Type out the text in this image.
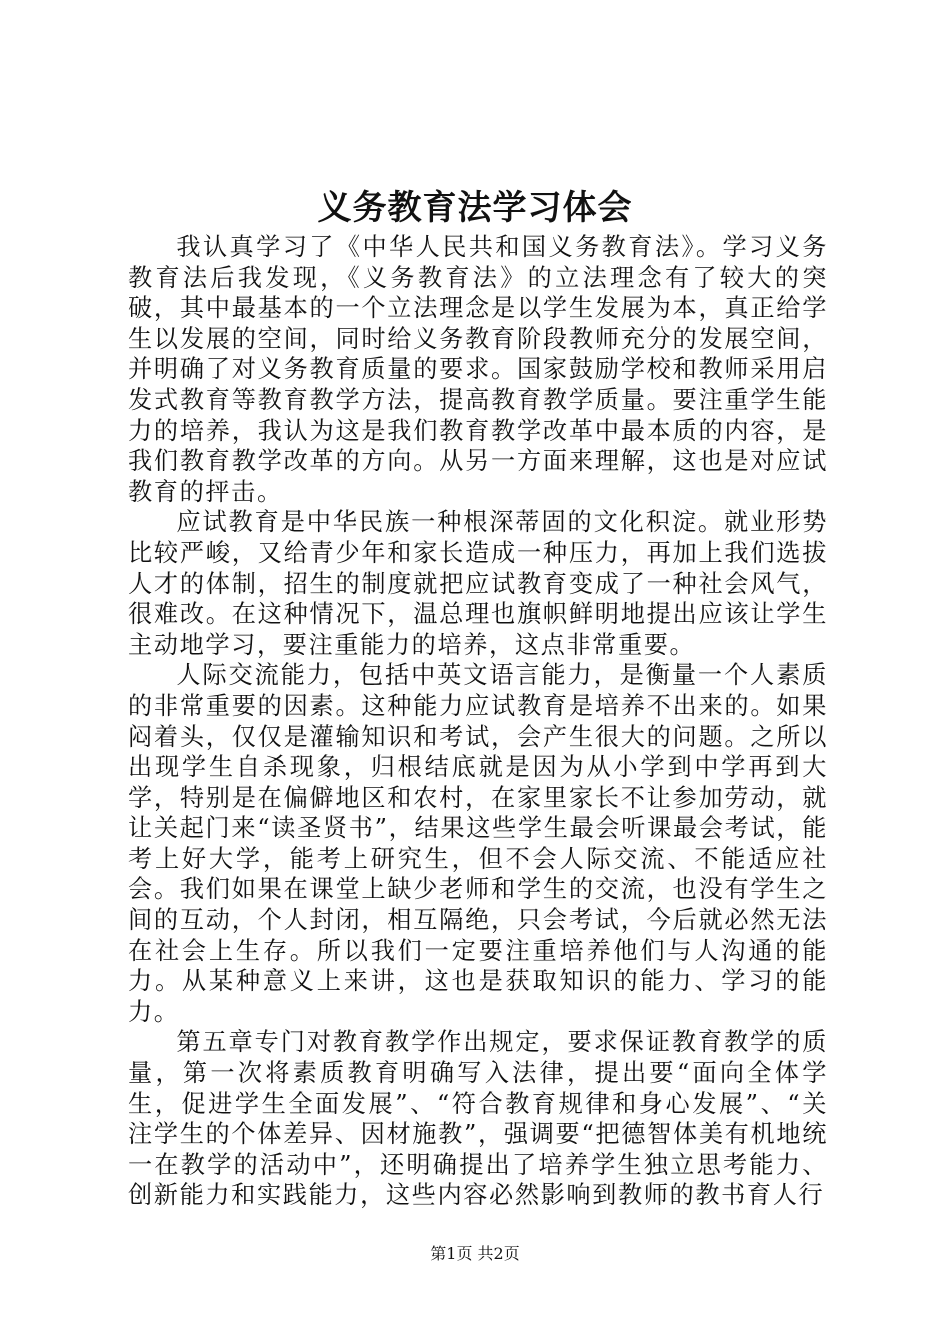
义务教育法学习体会

我认真学习了《中华人民共和国义务教育法》。学习义务教育法后我发现，《义务教育法》的立法理念有了较大的突破，其中最基本的一个立法理念是以学生发展为本，真正给学生以发展的空间，同时给义务教育阶段教师充分的发展空间，并明确了对义务教育质量的要求。国家鼓励学校和教师采用启发式教育等教育教学方法，提高教育教学质量。要注重学生能力的培养，我认为这是我们教育教学改革中最本质的内容，是我们教育教学改革的方向。从另一方面来理解，这也是对应试教育的抨击。

应试教育是中华民族一种根深蒂固的文化积淀。就业形势比较严峻，又给青少年和家长造成一种压力，再加上我们选拔人才的体制，招生的制度就把应试教育变成了一种社会风气，很难改。在这种情况下，温总理也旗帜鲜明地提出应该让学生主动地学习，要注重能力的培养，这点非常重要。

人际交流能力，包括中英文语言能力，是衡量一个人素质的非常重要的因素。这种能力应试教育是培养不出来的。如果闷着头，仅仅是灌输知识和考试，会产生很大的问题。之所以出现学生自杀现象，归根结底就是因为从小学到中学再到大学，特别是在偏僻地区和农村，在家里家长不让参加劳动，就让关起门来“读圣贤书”，结果这些学生最会听课最会考试，能考上好大学，能考上研究生，但不会人际交流、不能适应社会。我们如果在课堂上缺少老师和学生的交流，也没有学生之间的互动，个人封闭，相互隔绝，只会考试，今后就必然无法在社会上生存。所以我们一定要注重培养他们与人沟通的能力。从某种意义上来讲，这也是获取知识的能力、学习的能力。

第五章专门对教育教学作出规定，要求保证教育教学的质量，第一次将素质教育明确写入法律，提出要“面向全体学生，促进学生全面发展”、“符合教育规律和身心发展”、“关注学生的个体差异、因材施教”，强调要“把德智体美有机地统一在教学的活动中”，还明确提出了培养学生独立思考能力、创新能力和实践能力，这些内容必然影响到教师的教书育人行

第1页 共2页
